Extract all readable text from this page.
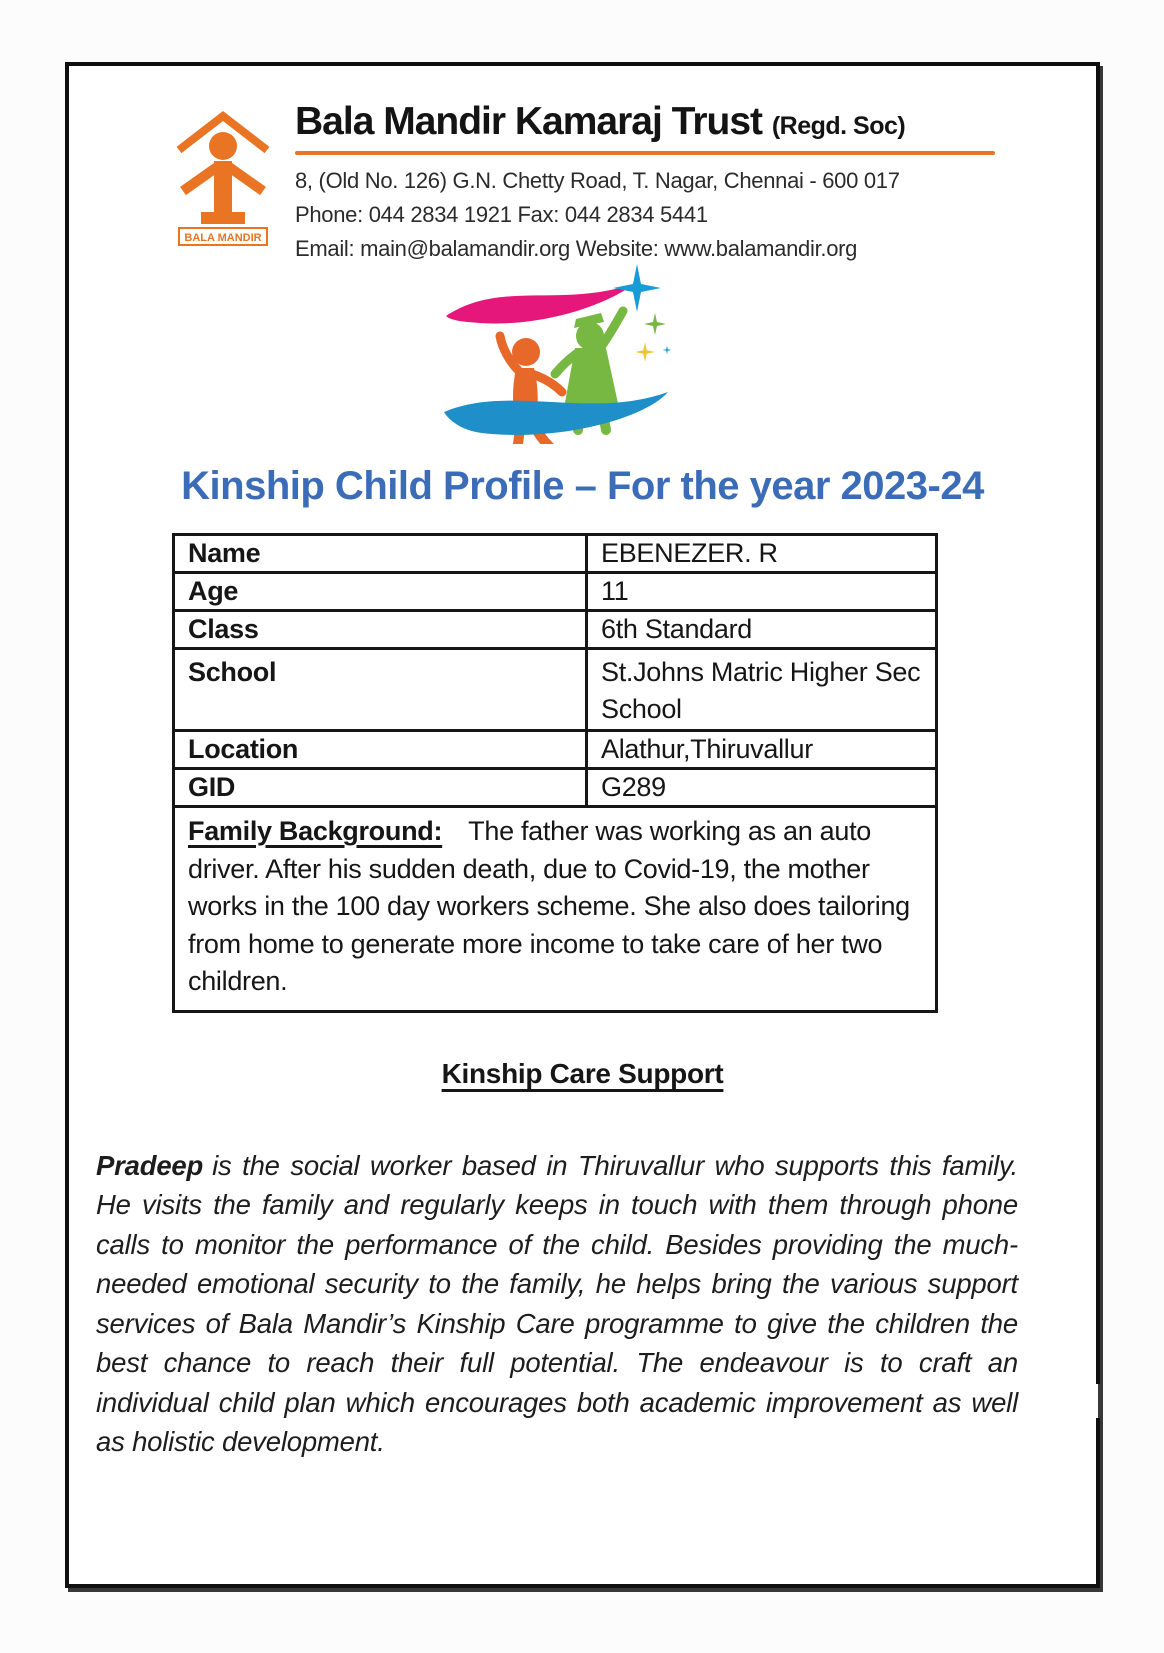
BALA MANDIR
Bala Mandir Kamaraj Trust (Regd. Soc)
8, (Old No. 126) G.N. Chetty Road, T. Nagar, Chennai - 600 017
Phone: 044 2834 1921 Fax: 044 2834 5441
Email: main@balamandir.org Website: www.balamandir.org
Kinship Child Profile – For the year 2023-24
Name	EBENEZER. R
Age	11
Class	6th Standard
School	St.Johns Matric Higher Sec School
Location	Alathur,Thiruvallur
GID	G289
Family Background: The father was working as an auto driver. After his sudden death, due to Covid-19, the mother works in the 100 day workers scheme. She also does tailoring from home to generate more income to take care of her two children.	
Kinship Care Support

Pradeep is the social worker based in Thiruvallur who supports this family. He visits the family and regularly keeps in touch with them through phone calls to monitor the performance of the child. Besides providing the much-needed emotional security to the family, he helps bring the various support services of Bala Mandir’s Kinship Care programme to give the children the best chance to reach their full potential. The endeavour is to craft an individual child plan which encourages both academic improvement as well as holistic development.
